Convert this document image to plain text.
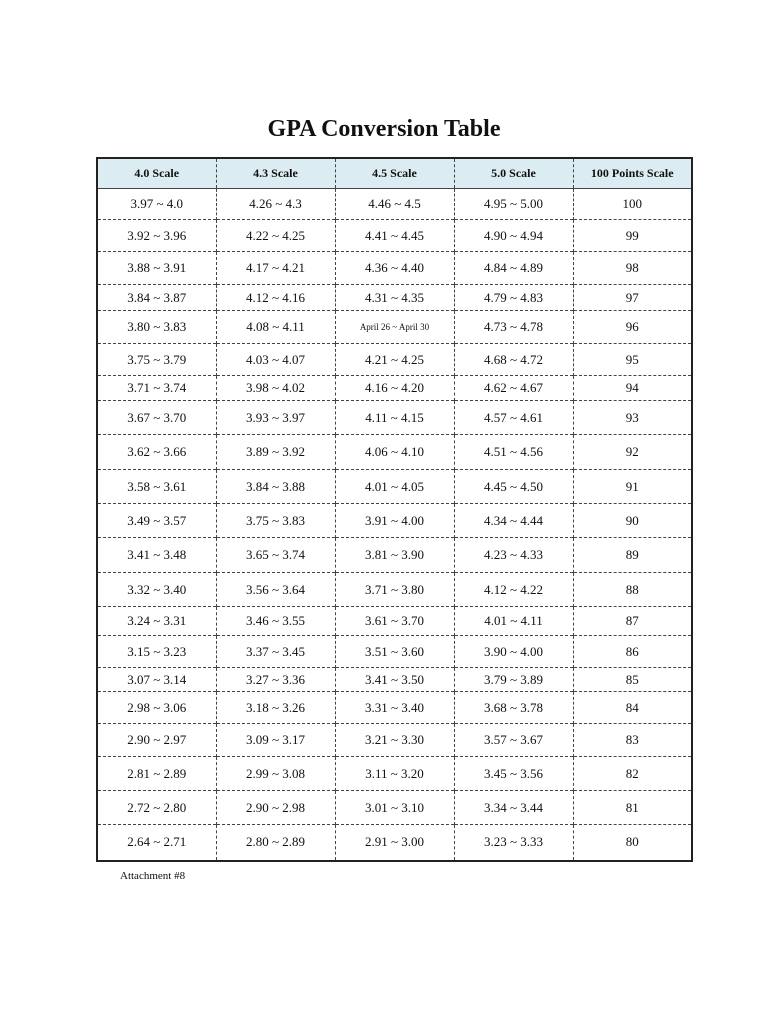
GPA Conversion Table
4.0 Scale	4.3 Scale	4.5 Scale	5.0 Scale	100 Points Scale
3.97 ~ 4.0	4.26 ~ 4.3	4.46 ~ 4.5	4.95 ~ 5.00	100
3.92 ~ 3.96	4.22 ~ 4.25	4.41 ~ 4.45	4.90 ~ 4.94	99
3.88 ~ 3.91	4.17 ~ 4.21	4.36 ~ 4.40	4.84 ~ 4.89	98
3.84 ~ 3.87	4.12 ~ 4.16	4.31 ~ 4.35	4.79 ~ 4.83	97
3.80 ~ 3.83	4.08 ~ 4.11	April 26 ~ April 30	4.73 ~ 4.78	96
3.75 ~ 3.79	4.03 ~ 4.07	4.21 ~ 4.25	4.68 ~ 4.72	95
3.71 ~ 3.74	3.98 ~ 4.02	4.16 ~ 4.20	4.62 ~ 4.67	94
3.67 ~ 3.70	3.93 ~ 3.97	4.11 ~ 4.15	4.57 ~ 4.61	93
3.62 ~ 3.66	3.89 ~ 3.92	4.06 ~ 4.10	4.51 ~ 4.56	92
3.58 ~ 3.61	3.84 ~ 3.88	4.01 ~ 4.05	4.45 ~ 4.50	91
3.49 ~ 3.57	3.75 ~ 3.83	3.91 ~ 4.00	4.34 ~ 4.44	90
3.41 ~ 3.48	3.65 ~ 3.74	3.81 ~ 3.90	4.23 ~ 4.33	89
3.32 ~ 3.40	3.56 ~ 3.64	3.71 ~ 3.80	4.12 ~ 4.22	88
3.24 ~ 3.31	3.46 ~ 3.55	3.61 ~ 3.70	4.01 ~ 4.11	87
3.15 ~ 3.23	3.37 ~ 3.45	3.51 ~ 3.60	3.90 ~ 4.00	86
3.07 ~ 3.14	3.27 ~ 3.36	3.41 ~ 3.50	3.79 ~ 3.89	85
2.98 ~ 3.06	3.18 ~ 3.26	3.31 ~ 3.40	3.68 ~ 3.78	84
2.90 ~ 2.97	3.09 ~ 3.17	3.21 ~ 3.30	3.57 ~ 3.67	83
2.81 ~ 2.89	2.99 ~ 3.08	3.11 ~ 3.20	3.45 ~ 3.56	82
2.72 ~ 2.80	2.90 ~ 2.98	3.01 ~ 3.10	3.34 ~ 3.44	81
2.64 ~ 2.71	2.80 ~ 2.89	2.91 ~ 3.00	3.23 ~ 3.33	80
Attachment #8
